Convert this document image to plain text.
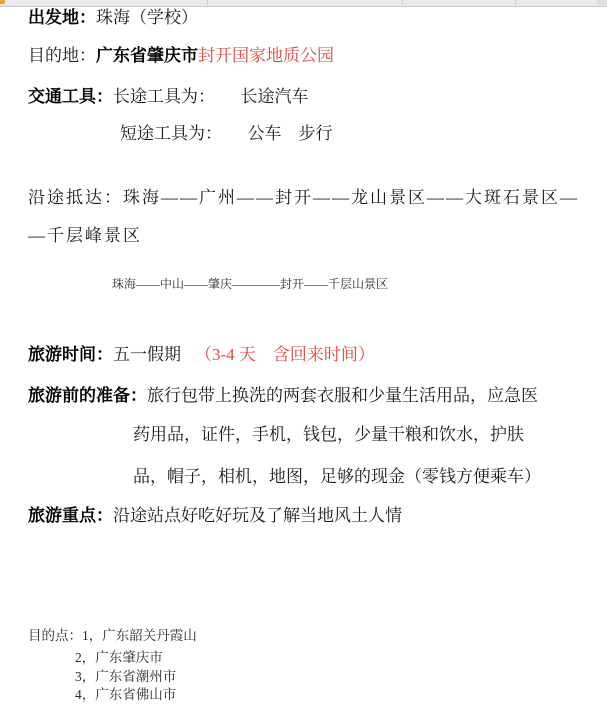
出发地：珠海（学校）
目的地：广东省肇庆市封开国家地质公园
交通工具：长途工具为：　　长途汽车
短途工具为：　　公车　步行
沿途抵达：珠海——广州——封开——龙山景区——大斑石景区—
—千层峰景区
珠海——中山——肇庆————封开——千层山景区
旅游时间：五一假期 （3-4 天　含回来时间）
旅游前的准备：旅行包带上换洗的两套衣服和少量生活用品，应急医
药用品，证件，手机，钱包，少量干粮和饮水，护肤
品，帽子，相机，地图，足够的现金（零钱方便乘车）
旅游重点：沿途站点好吃好玩及了解当地风土人情
目的点：1，广东韶关丹霞山
2，广东肇庆市
3，广东省潮州市
4，广东省佛山市
